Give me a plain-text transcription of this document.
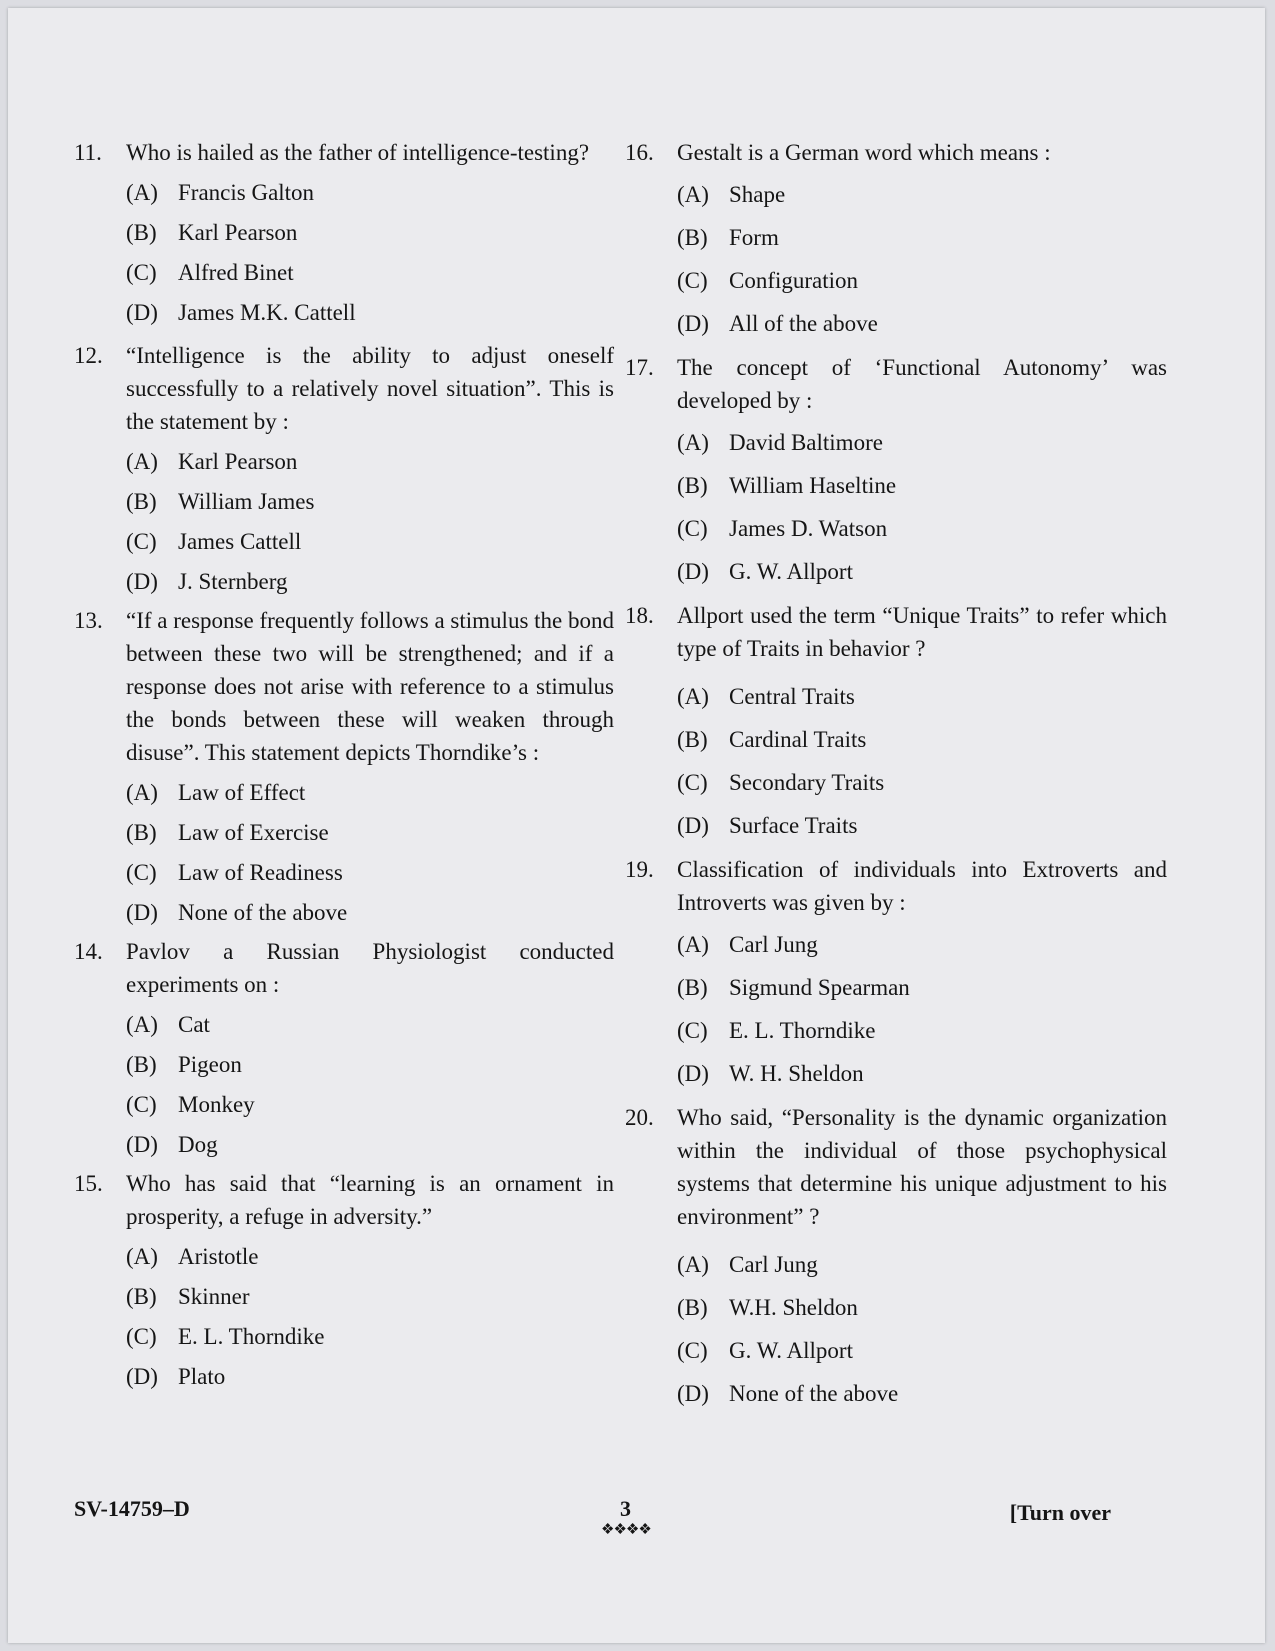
11. Who is hailed as the father of intelligence-testing?
(A) Francis Galton
(B) Karl Pearson
(C) Alfred Binet
(D) James M.K. Cattell
12. “Intelligence is the ability to adjust oneself successfully to a relatively novel situation”. This is the statement by :
(A) Karl Pearson
(B) William James
(C) James Cattell
(D) J. Sternberg
13. “If a response frequently follows a stimulus the bond between these two will be strengthened; and if a response does not arise with reference to a stimulus the bonds between these will weaken through disuse”. This statement depicts Thorndike’s :
(A) Law of Effect
(B) Law of Exercise
(C) Law of Readiness
(D) None of the above
14. Pavlov a Russian Physiologist conducted experiments on :
(A) Cat
(B) Pigeon
(C) Monkey
(D) Dog
15. Who has said that “learning is an ornament in prosperity, a refuge in adversity.”
(A) Aristotle
(B) Skinner
(C) E. L. Thorndike
(D) Plato
16. Gestalt is a German word which means :
(A) Shape
(B) Form
(C) Configuration
(D) All of the above
17. The concept of ‘Functional Autonomy’ was developed by :
(A) David Baltimore
(B) William Haseltine
(C) James D. Watson
(D) G. W. Allport
18. Allport used the term “Unique Traits” to refer which type of Traits in behavior ?
(A) Central Traits
(B) Cardinal Traits
(C) Secondary Traits
(D) Surface Traits
19. Classification of individuals into Extroverts and Introverts was given by :
(A) Carl Jung
(B) Sigmund Spearman
(C) E. L. Thorndike
(D) W. H. Sheldon
20. Who said, “Personality is the dynamic organization within the individual of those psychophysical systems that determine his unique adjustment to his environment” ?
(A) Carl Jung
(B) W.H. Sheldon
(C) G. W. Allport
(D) None of the above
SV-14759–D	3
❖❖❖❖
[Turn over
